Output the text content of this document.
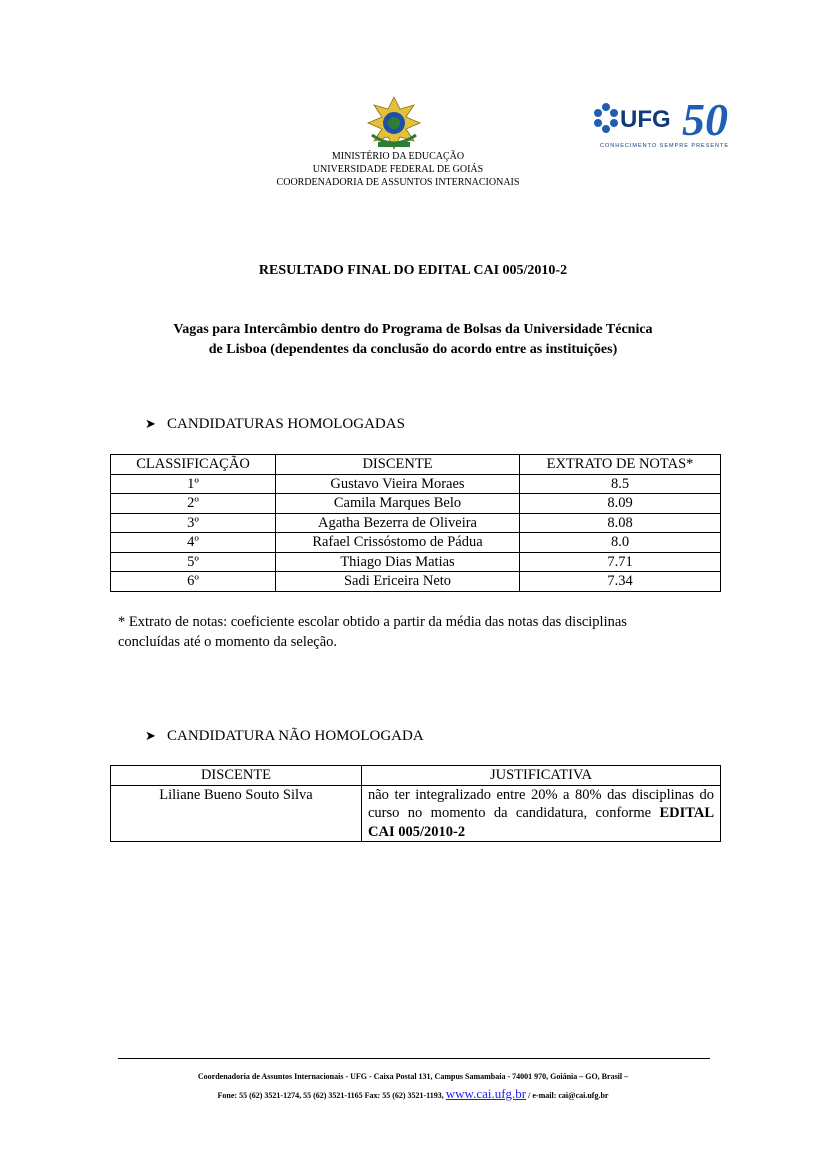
UFG 50
CONHECIMENTO SEMPRE PRESENTE
MINISTÉRIO DA EDUCAÇÃO
UNIVERSIDADE FEDERAL DE GOIÁS
COORDENADORIA DE ASSUNTOS INTERNACIONAIS
RESULTADO FINAL DO EDITAL CAI 005/2010-2
Vagas para Intercâmbio dentro do Programa de Bolsas da Universidade Técnica
de Lisboa (dependentes da conclusão do acordo entre as instituições)
➤ CANDIDATURAS HOMOLOGADAS
CLASSIFICAÇÃO	DISCENTE	EXTRATO DE NOTAS*
1º	Gustavo Vieira Moraes	8.5
2º	Camila Marques Belo	8.09
3º	Agatha Bezerra de Oliveira	8.08
4º	Rafael Crissóstomo de Pádua	8.0
5º	Thiago Dias Matias	7.71
6º	Sadi Ericeira Neto	7.34
* Extrato de notas: coeficiente escolar obtido a partir da média das notas das disciplinas
concluídas até o momento da seleção.
➤ CANDIDATURA NÃO HOMOLOGADA
DISCENTE	JUSTIFICATIVA
Liliane Bueno Souto Silva	não ter integralizado entre 20% a 80% das disciplinas do curso no momento da candidatura, conforme EDITAL CAI 005/2010-2
Coordenadoria de Assuntos Internacionais - UFG - Caixa Postal 131, Campus Samambaia - 74001 970, Goiânia – GO, Brasil –
Fone: 55 (62) 3521-1274, 55 (62) 3521-1165 Fax: 55 (62) 3521-1193, www.cai.ufg.br / e-mail: cai@cai.ufg.br
